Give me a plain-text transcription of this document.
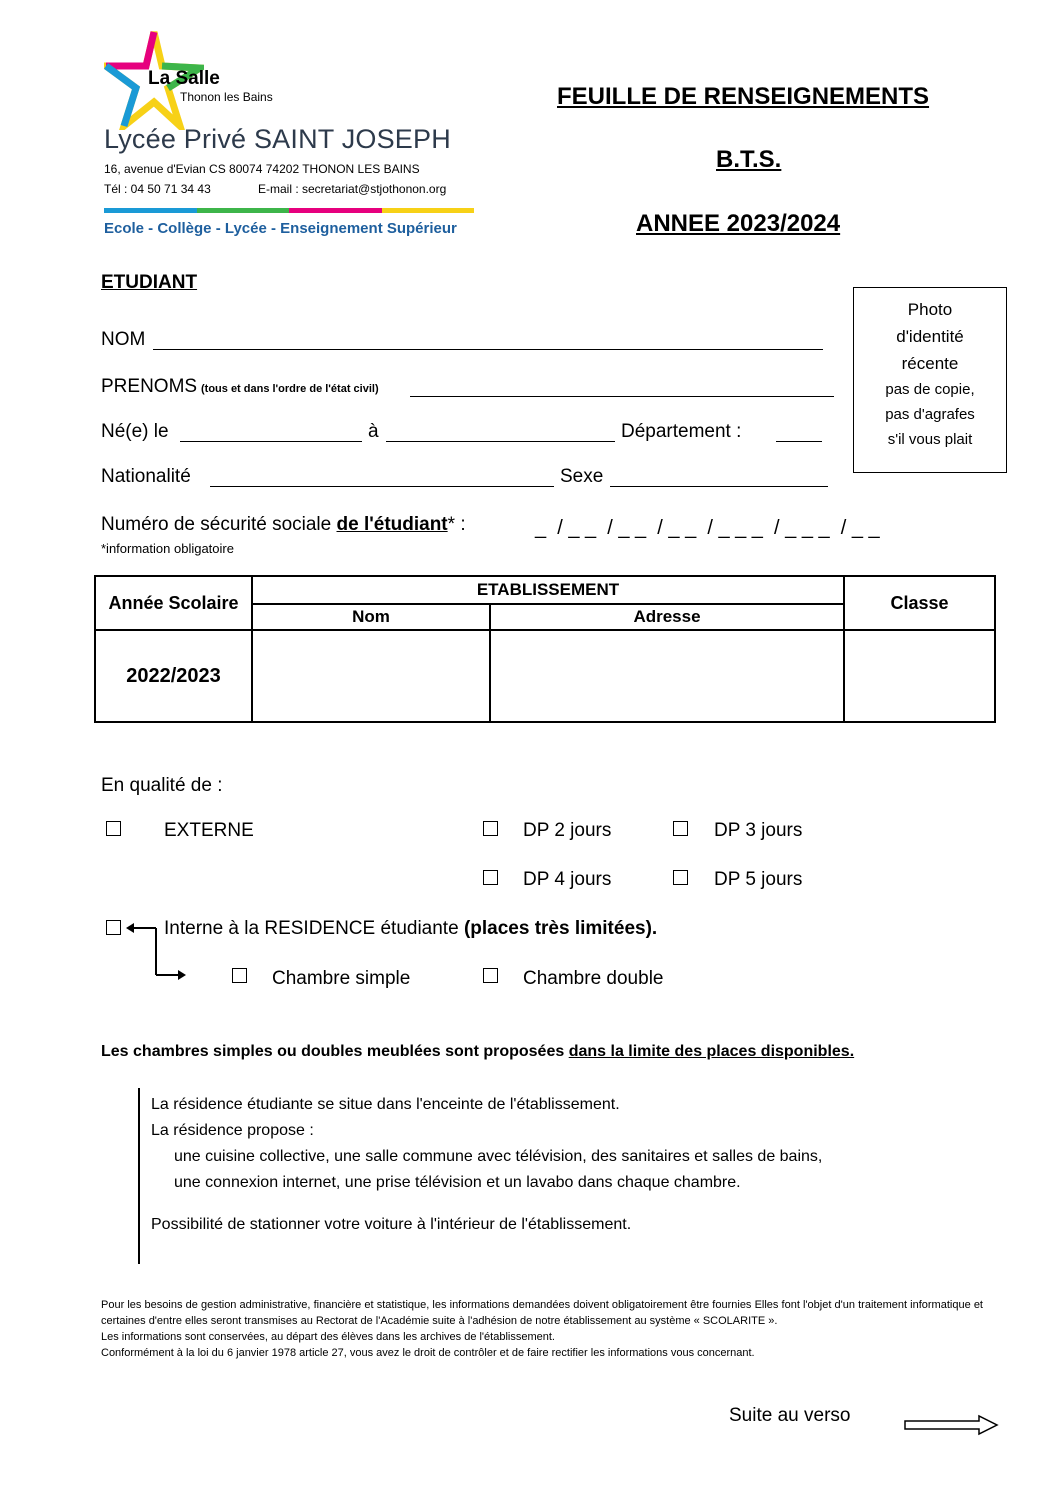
La Salle
Thonon les Bains
Lycée Privé SAINT JOSEPH
16, avenue d'Evian CS 80074 74202 THONON LES BAINS
Tél : 04 50 71 34 43	E-mail : secretariat@stjothonon.org
Ecole - Collège - Lycée - Enseignement Supérieur
FEUILLE DE RENSEIGNEMENTS
B.T.S.
ANNEE 2023/2024
ETUDIANT
NOM
PRENOMS (tous et dans l'ordre de l'état civil)
Né(e) le	à	Département :
Nationalité	Sexe
Numéro de sécurité sociale de l'étudiant* :	_  / _ _  / _ _  / _ _  / _ _ _  / _ _ _  / _ _
*information obligatoire
Photo
d'identité
récente
pas de copie,
pas d'agrafes
s'il vous plait
Année Scolaire	ETABLISSEMENT		Classe
	Nom	Adresse	
2022/2023			
En qualité de :
EXTERNE	DP 2 jours	DP 3 jours
DP 4 jours	DP 5 jours
Interne à la RESIDENCE étudiante (places très limitées).
Chambre simple	Chambre double
Les chambres simples ou doubles meublées sont proposées dans la limite des places disponibles.
La résidence étudiante se situe dans l'enceinte de l'établissement.
La résidence propose :
une cuisine collective, une salle commune avec télévision, des sanitaires et salles de bains,
une connexion internet, une prise télévision et un lavabo dans chaque chambre.
Possibilité de stationner votre voiture à l'intérieur de l'établissement.
Pour les besoins de gestion administrative, financière et statistique, les informations demandées doivent obligatoirement être fournies Elles font l'objet d'un traitement informatique et certaines d'entre elles seront transmises au Rectorat de l'Académie suite à l'adhésion de notre établissement au système « SCOLARITE ».
Les informations sont conservées, au départ des élèves dans les archives de l'établissement.
Conformément à la loi du 6 janvier 1978 article 27, vous avez le droit de contrôler et de faire rectifier les informations vous concernant.
Suite au verso
